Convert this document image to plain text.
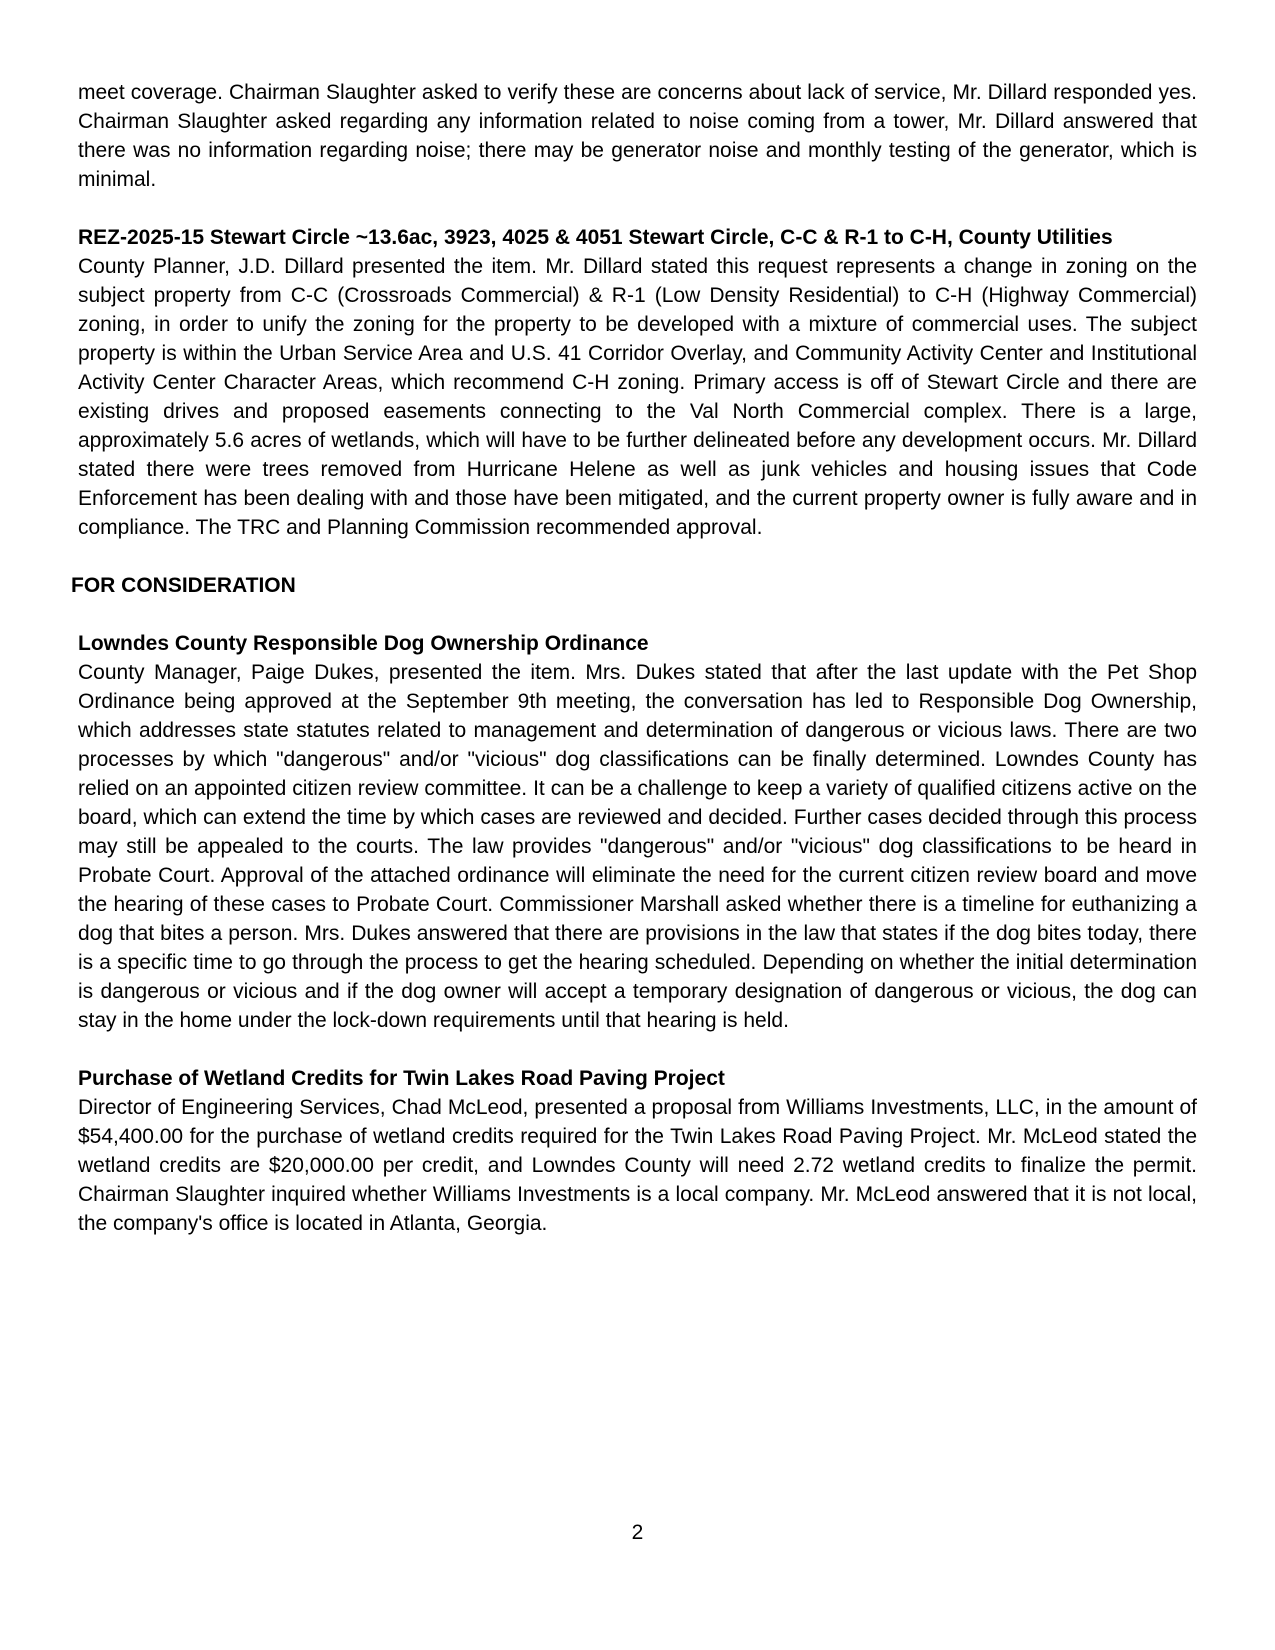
meet coverage. Chairman Slaughter asked to verify these are concerns about lack of service, Mr. Dillard responded yes. Chairman Slaughter asked regarding any information related to noise coming from a tower, Mr. Dillard answered that there was no information regarding noise; there may be generator noise and monthly testing of the generator, which is minimal.

REZ-2025-15 Stewart Circle ~13.6ac, 3923, 4025 & 4051 Stewart Circle, C-C & R-1 to C-H, County Utilities

County Planner, J.D. Dillard presented the item. Mr. Dillard stated this request represents a change in zoning on the subject property from C-C (Crossroads Commercial) & R-1 (Low Density Residential) to C-H (Highway Commercial) zoning, in order to unify the zoning for the property to be developed with a mixture of commercial uses. The subject property is within the Urban Service Area and U.S. 41 Corridor Overlay, and Community Activity Center and Institutional Activity Center Character Areas, which recommend C-H zoning. Primary access is off of Stewart Circle and there are existing drives and proposed easements connecting to the Val North Commercial complex. There is a large, approximately 5.6 acres of wetlands, which will have to be further delineated before any development occurs. Mr. Dillard stated there were trees removed from Hurricane Helene as well as junk vehicles and housing issues that Code Enforcement has been dealing with and those have been mitigated, and the current property owner is fully aware and in compliance. The TRC and Planning Commission recommended approval.

FOR CONSIDERATION

Lowndes County Responsible Dog Ownership Ordinance

County Manager, Paige Dukes, presented the item. Mrs. Dukes stated that after the last update with the Pet Shop Ordinance being approved at the September 9th meeting, the conversation has led to Responsible Dog Ownership, which addresses state statutes related to management and determination of dangerous or vicious laws. There are two processes by which "dangerous" and/or "vicious" dog classifications can be finally determined. Lowndes County has relied on an appointed citizen review committee. It can be a challenge to keep a variety of qualified citizens active on the board, which can extend the time by which cases are reviewed and decided. Further cases decided through this process may still be appealed to the courts. The law provides "dangerous" and/or "vicious" dog classifications to be heard in Probate Court. Approval of the attached ordinance will eliminate the need for the current citizen review board and move the hearing of these cases to Probate Court. Commissioner Marshall asked whether there is a timeline for euthanizing a dog that bites a person. Mrs. Dukes answered that there are provisions in the law that states if the dog bites today, there is a specific time to go through the process to get the hearing scheduled. Depending on whether the initial determination is dangerous or vicious and if the dog owner will accept a temporary designation of dangerous or vicious, the dog can stay in the home under the lock-down requirements until that hearing is held.

Purchase of Wetland Credits for Twin Lakes Road Paving Project

Director of Engineering Services, Chad McLeod, presented a proposal from Williams Investments, LLC, in the amount of $54,400.00 for the purchase of wetland credits required for the Twin Lakes Road Paving Project. Mr. McLeod stated the wetland credits are $20,000.00 per credit, and Lowndes County will need 2.72 wetland credits to finalize the permit. Chairman Slaughter inquired whether Williams Investments is a local company. Mr. McLeod answered that it is not local, the company's office is located in Atlanta, Georgia.

2
